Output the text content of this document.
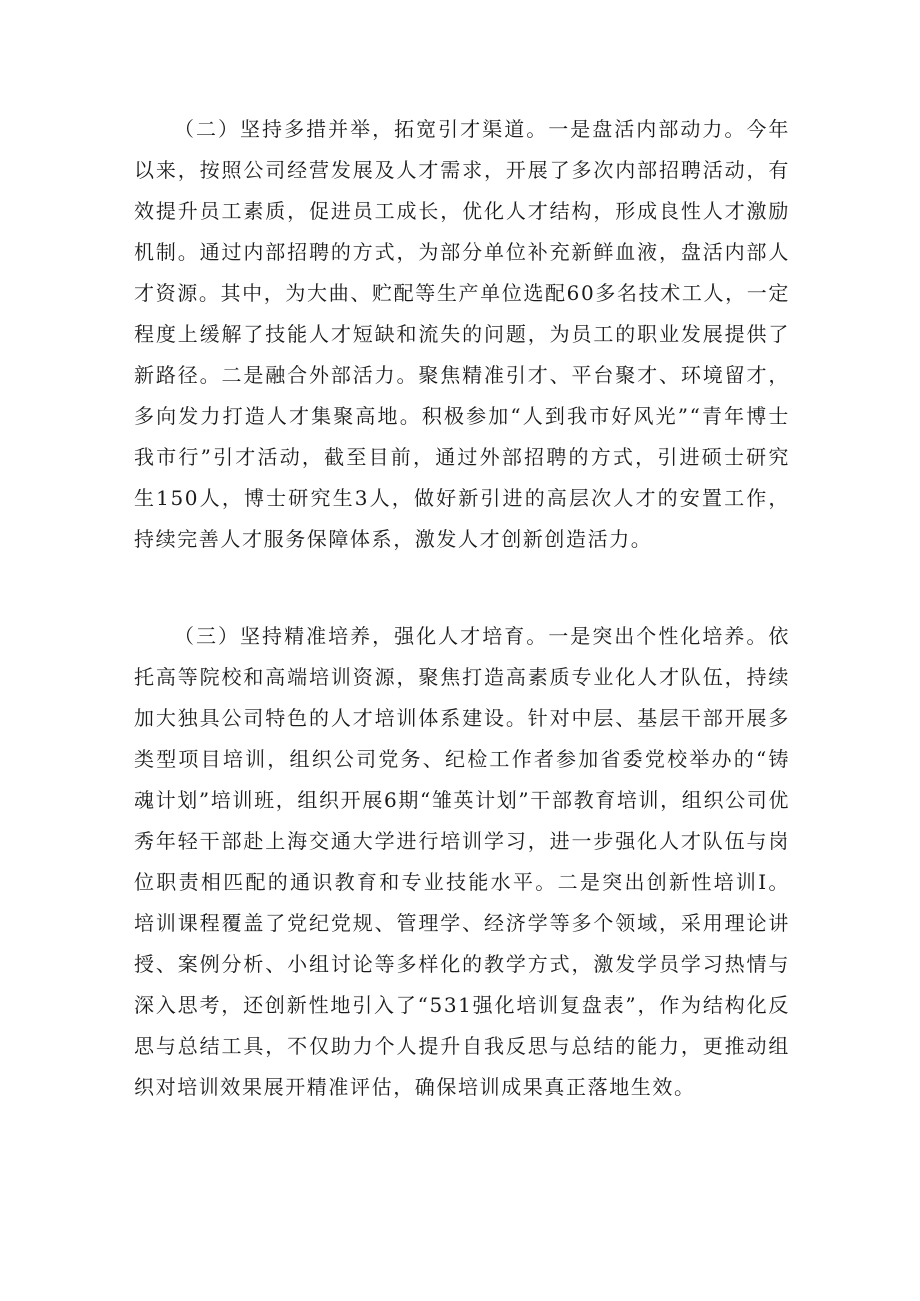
（二）坚持多措并举，拓宽引才渠道。一是盘活内部动力。今年以来，按照公司经营发展及人才需求，开展了多次内部招聘活动，有效提升员工素质，促进员工成长，优化人才结构，形成良性人才激励机制。通过内部招聘的方式，为部分单位补充新鲜血液，盘活内部人才资源。其中，为大曲、贮配等生产单位选配60多名技术工人，一定程度上缓解了技能人才短缺和流失的问题，为员工的职业发展提供了新路径。二是融合外部活力。聚焦精准引才、平台聚才、环境留才，多向发力打造人才集聚高地。积极参加“人到我市好风光”“青年博士我市行”引才活动，截至目前，通过外部招聘的方式，引进硕士研究生150人，博士研究生3人，做好新引进的高层次人才的安置工作，持续完善人才服务保障体系，激发人才创新创造活力。

（三）坚持精准培养，强化人才培育。一是突出个性化培养。依托高等院校和高端培训资源，聚焦打造高素质专业化人才队伍，持续加大独具公司特色的人才培训体系建设。针对中层、基层干部开展多类型项目培训，组织公司党务、纪检工作者参加省委党校举办的“铸魂计划”培训班，组织开展6期“雏英计划”干部教育培训，组织公司优秀年轻干部赴上海交通大学进行培训学习，进一步强化人才队伍与岗位职责相匹配的通识教育和专业技能水平。二是突出创新性培训I。培训课程覆盖了党纪党规、管理学、经济学等多个领域，采用理论讲授、案例分析、小组讨论等多样化的教学方式，激发学员学习热情与深入思考，还创新性地引入了“531强化培训复盘表”，作为结构化反思与总结工具，不仅助力个人提升自我反思与总结的能力，更推动组织对培训效果展开精准评估，确保培训成果真正落地生效。
